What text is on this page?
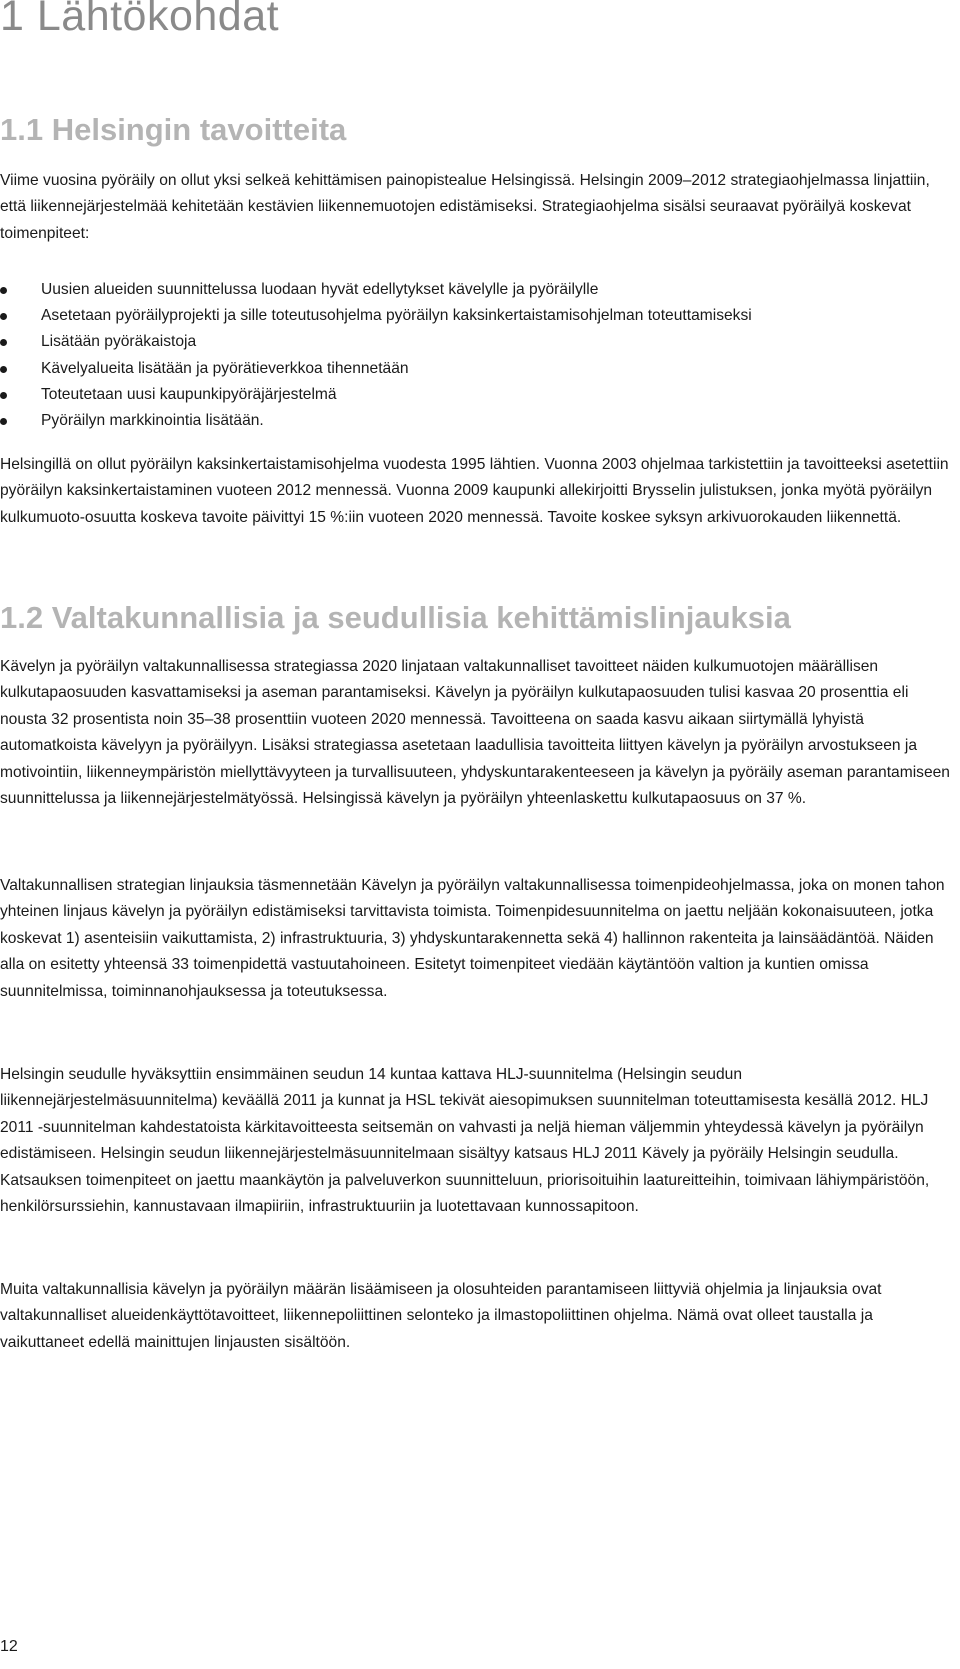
1 Lähtökohdat
1.1 Helsingin tavoitteita

Viime vuosina pyöräily on ollut yksi selkeä kehittämisen painopistealue Helsingissä. Helsingin 2009–2012 strategiaohjelmassa linjattiin, että liikennejärjestelmää kehitetään kestävien liikennemuotojen edistämiseksi. Strategiaohjelma sisälsi seuraavat pyöräilyä koskevat toimenpiteet:

Uusien alueiden suunnittelussa luodaan hyvät edellytykset kävelylle ja pyöräilylle
Asetetaan pyöräilyprojekti ja sille toteutusohjelma pyöräilyn kaksinkertaistamisohjelman toteuttamiseksi
Lisätään pyöräkaistoja
Kävelyalueita lisätään ja pyörätieverkkoa tihennetään
Toteutetaan uusi kaupunkipyöräjärjestelmä
Pyöräilyn markkinointia lisätään.

Helsingillä on ollut pyöräilyn kaksinkertaistamisohjelma vuodesta 1995 lähtien. Vuonna 2003 ohjelmaa tarkistettiin ja tavoitteeksi asetettiin pyöräilyn kaksinkertaistaminen vuoteen 2012 mennessä. Vuonna 2009 kaupunki allekirjoitti Brysselin julistuksen, jonka myötä pyöräilyn kulkumuoto-osuutta koskeva tavoite päivittyi 15 %:iin vuoteen 2020 mennessä. Tavoite koskee syksyn arkivuorokauden liikennettä.

1.2 Valtakunnallisia ja seudullisia kehittämislinjauksia

Kävelyn ja pyöräilyn valtakunnallisessa strategiassa 2020 linjataan valtakunnalliset tavoitteet näiden kulkumuotojen määrällisen kulkutapaosuuden kasvattamiseksi ja aseman parantamiseksi. Kävelyn ja pyöräilyn kulkutapaosuuden tulisi kasvaa 20 prosenttia eli nousta 32 prosentista noin 35–38 prosenttiin vuoteen 2020 mennessä. Tavoitteena on saada kasvu aikaan siirtymällä lyhyistä automatkoista kävelyyn ja pyöräilyyn. Lisäksi strategiassa asetetaan laadullisia tavoitteita liittyen kävelyn ja pyöräilyn arvostukseen ja motivointiin, liikenneympäristön miellyttävyyteen ja turvallisuuteen, yhdyskuntarakenteeseen ja kävelyn ja pyöräily aseman parantamiseen suunnittelussa ja liikennejärjestelmätyössä. Helsingissä kävelyn ja pyöräilyn yhteenlaskettu kulkutapaosuus on 37 %.

Valtakunnallisen strategian linjauksia täsmennetään Kävelyn ja pyöräilyn valtakunnallisessa toimenpideohjelmassa, joka on monen tahon yhteinen linjaus kävelyn ja pyöräilyn edistämiseksi tarvittavista toimista. Toimenpidesuunnitelma on jaettu neljään kokonaisuuteen, jotka koskevat 1) asenteisiin vaikuttamista, 2) infrastruktuuria, 3) yhdyskuntarakennetta sekä 4) hallinnon rakenteita ja lainsäädäntöä. Näiden alla on esitetty yhteensä 33 toimenpidettä vastuutahoineen. Esitetyt toimenpiteet viedään käytäntöön valtion ja kuntien omissa suunnitelmissa, toiminnanohjauksessa ja toteutuksessa.

Helsingin seudulle hyväksyttiin ensimmäinen seudun 14 kuntaa kattava HLJ-suunnitelma (Helsingin seudun liikennejärjestelmäsuunnitelma) keväällä 2011 ja kunnat ja HSL tekivät aiesopimuksen suunnitelman toteuttamisesta kesällä 2012. HLJ 2011 -suunnitelman kahdestatoista kärkitavoitteesta seitsemän on vahvasti ja neljä hieman väljemmin yhteydessä kävelyn ja pyöräilyn edistämiseen. Helsingin seudun liikennejärjestelmäsuunnitelmaan sisältyy katsaus HLJ 2011 Kävely ja pyöräily Helsingin seudulla. Katsauksen toimenpiteet on jaettu maankäytön ja palveluverkon suunnitteluun, priorisoituihin laatureitteihin, toimivaan lähiympäristöön, henkilörsurssiehin, kannustavaan ilmapiiriin, infrastruktuuriin ja luotettavaan kunnossapitoon.

Muita valtakunnallisia kävelyn ja pyöräilyn määrän lisäämiseen ja olosuhteiden parantamiseen liittyviä ohjelmia ja linjauksia ovat valtakunnalliset alueidenkäyttötavoitteet, liikennepoliittinen selonteko ja ilmastopoliittinen ohjelma. Nämä ovat olleet taustalla ja vaikuttaneet edellä mainittujen linjausten sisältöön.

12
